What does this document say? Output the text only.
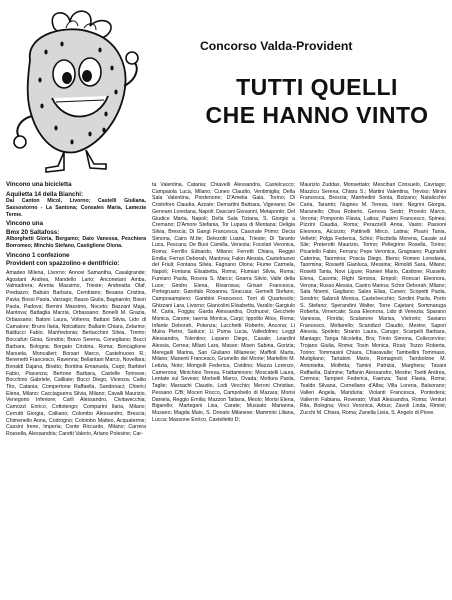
Concorso Valda-Provident
TUTTI QUELLI
CHE HANNO VINTO

Vincono una bicicletta

Aquiletta 14 della Bianchi:

Dal Canton Micol, Livorno; Castelli Giuliana, Sassostorno - La Santona; Consales Maria, Lamezia Terme.

Vincono una

Bmx 20 Saltafoss:

Alborghetti Gloria, Bergamo; Dato Vanessa, Peschiera Borromeo; Minchio Stefano, Castiglione Olona.

Vincono 1 confezione

Provident con spazzolino e dentifricio:

Amadeo Milena, Livorno; Annovi Samantha, Casalgrande; Agostani Andrea, Mandello Lario; Anconetani Amba, Valmadrera; Arenta Massimo, Trieste; Andreatta Olaf, Predazzo; Babuin Barbara, Cembiano; Besana Cristina, Pavia; Bossi Paola, Varzago; Basso Giulia, Bagnarolo; Bison Paola, Padova; Bernini Massimo, Noceto; Bazzani Maja, Mantova; Battaglia Marzia, Orbassano; Bonelli M. Grazia, Orbassano; Batoni Laura, Volterra; Battani Silvia, Lido di Camaiore; Bruno Ilaria, Noicattaro; Ballarin Chiara, Zelarino; Balducci Fabio, Manfredonia; Bertacchini Silvia, Trento; Boccafuri Gioia, Sondrio; Bravo Serena, Conegliano; Bucci Barbara, Bologna; Borgato Cristina, Roma; Boncaglione Manuela, Moncalieri; Borsari Marco, Castelnuovo R.; Benenetti Francesco, Ravenna; Bellantani Marco, Novellara; Bonaldi Dajana, Biratto; Bordina Emanuela, Carpi; Barbieri Fabio, Piacenza; Bertone Barbara, Castelle Torinese; Bocchino Gabriele, Cailliate; Bucci Diego, Vicenza; Caliio Tito, Catania; Compertone Raffaella, Sandonaci; Chierici Elena, Milano; Cacciaguerra Silvia, Milano; Cavalli Maurizio, Venegono Inferiore; Carli Alessandro, Civitavecchia; Camozzi Enrico, Cottolengo; Comparini Ilaria, Milano; Cerrutti Giorgia, Calliano; Colombo Alessandro, Brescia; Chimenello Anna, Codrogno; Colombo Matteo, Acquaterme; Cassini Irene, Imperia; Conte Riccardo, Milano; Carrera Rossella, Alessandria; Caretti Valerio, Ariano Polesine; Car-

ta Valentina, Catania; Chiavelli Alessandra, Castelcucco; Campaiola Luca, Milano; Cuneo Claudio, Ventimiglia; Della Sala Valentina, Pordenone; D'Amelia Gaia, Torino; Di Cristoforo Claudia, Azzate; Demartini Barbara, Vigevano; De Gennaro Loredana, Napoli; Dascani Giovanni, Metaponto; Del Giudice Marta, Napoli; Della Sala Tiziana, S. Giorgio a Cremano; D'Amore Stefania, Tor Lupara di Mentana; Deligia Silvia, Brescia; Di Gangi Francesca, Casorate Primo; Decia Simona, Cairo M.tte; Delezotti Luana, Trieste; Di Taranto Luca, Pescara; De Buoi Camilla, Venezia; Focolari Veronica, Roma; Ferrillo Edoardo, Milano; Ferretti Chiara, Reggio Emilia; Ferrari Deborah, Mantova; Falon Alessia, Castelnuovo del Friuli; Fontana Silvia, Fagnano Olona; Fiume Carmela, Napoli; Fontana Elisabetta, Roma; Flumiari Silvia, Roma; Fumiaro Paola, Rosora S. Marco; Gnarra Silvio, Valle della Luce; Gindro Elena, Rivarossa; Grisan Francesca, Portogruaro; Garofalo Rosanna, Siracusa; Gemelli Stefano, Camposampiero; Gambini Francesco, Torri di Quartesolo; Ghizzani Lara, Livorno; Giancolini Elisabetta, Varallo; Gargiulo M. Carla, Foggia; Garda Alessandra, Orzinuovi; Gecchele Monica, Carone; Iaerna Monica, Carpi; Ippolito Alice, Roma; Infante Deborah, Potenza; Lucchetti Roberto, Ancona; Li Muira Pietro, Saliuce; Li Puma Lucia, Valledolmo; Leggi Alessandra, Tolentino; Lupano Diego, Casale; Leardini Alessia, Cerrea; Milani Lara, Masse; Misen Sabina, Gorizia; Meregalli Marina, San Giuliano Milanese; Maffioli Marta, Milano; Manenti Francesco, Grumello del Monte; Martellini M. Letizia, Noto; Mongolli Federica, Cividino; Mazza Lorenzo, Camerona; Minichino Teresa, Frattaminore; Moscatelli Laura, Lentate sul Seveso; Morbelli Marco, Ovada; Mottura Paola, Taglie; Marsachi Claudio, Lodi Vecchio; Meroni Christian, Pessano C/B; Moceri Rocco, Campobello di Mazara; Morisi Daniela, Reggio Emilia; Mazzon Tatiana, Meolo; Morisi Elena, Bigarello; Martegani Lisa, Carate; Mussato Marianna, Musano; Magda Maio, S. Donato Milanese; Mammini Liliana, Lucca; Massone Enrico, Castelletto D;

Maurizio Zuddas, Monsettato; Mescihari Consuelo, Cavriago; Mazzicu Serena, Chiaru S.; Martini Valentina, Treviso; Minini Francesca, Brescia; Manfredini Sonia, Bolzano; Natalicchio Carla, Taranto; Nugnes M. Teresa, Irani; Negrini Giorgia, Maranello; Oliva Roberto, Genova Sestri; Provolo Marco, Verona; Pomponio Flavia, Latina; Pasimi Francesco, Spinea; Pizzini Claudia, Roma; Perazzelli Anna, Vasto; Passoni Eleonora, Aicurzio; Pattinelli Mirco, Latina; Pisani Tania, Velletri; Polga Federica, Schio; Piscitella Morena, Casale sul Sile; Preterotti Maurizio, Torino; Pellegrino Rosella, Torino; Picariello Fabio, Ferrara; Pepe Veronica, Gragnano; Pugnalini Caterina, Taormina; Poscia Diego, Bieno; Romeo Loredana, Taormina; Rossetti Gianluca, Messina; Rimoldi Sara, Milano; Rosetti Tania, Novi Ligure; Ranieri Mario, Castione; Russello Elena, Casoria; Righi Simona, Empoli; Roncari Eleonora, Verona; Russo Alessia, Castro Marina; Schor Deborah, Milano; Sala Noemi, Gagliano; Sales Elisa, Cuneo; Scopetti Paola, Sondrio; Salaroli Monica, Castelvecchio; Sordini Paola, Porto S. Stefano; Sperandini Walter, Torre Cajetani; Sommaruga Roberta, Vimercate; Susa Eleonora, Lido di Venezia; Sparano Vanessa, Florida; Scalarone Marisa, Vistrorio; Saviano Francesco, Moltarello; Scandizzi Claudio, Mestre; Sapori Alessia, Spoleto; Stranio Laura, Carugo; Scarpelli Barbara, Maniago; Tanga Nicoletta, Bra; Trioio Simona, Collecorvino; Trojano Giulia, Roma; Tosin Monica, Rosà; Tozzo Roberta, Torino; Tommasini Chiara, Chiaravalle; Tambellini Tommaso, Mutigliano; Tartabini Mario, Romagnoli; Tambolone M. Antonietta, Molfetta; Tamini Patrizia, Marghera; Tavani Raffaella, Dalmine; Taffanin Alessandro, Mestre; Toetti Andrea, Cremoa; Tampieri Federica, Faenza; Tassi Flavia, Roma; Tealdo Silvana, Cornellano d'Alba; Villa Lorena, Balsorano; Valleri Angela, Manduria; Violanti Francesca, Pontedera; Valierrin Fabiana, Roverato; Vitali Alessandra, Roma; Venturi Rita, Bologna; Vinci Veronica, Arbus; Zavoli Linda, Rimini; Zucchi M. Chiara, Roma; Zanella Lieia, S. Angelo di Piove.
